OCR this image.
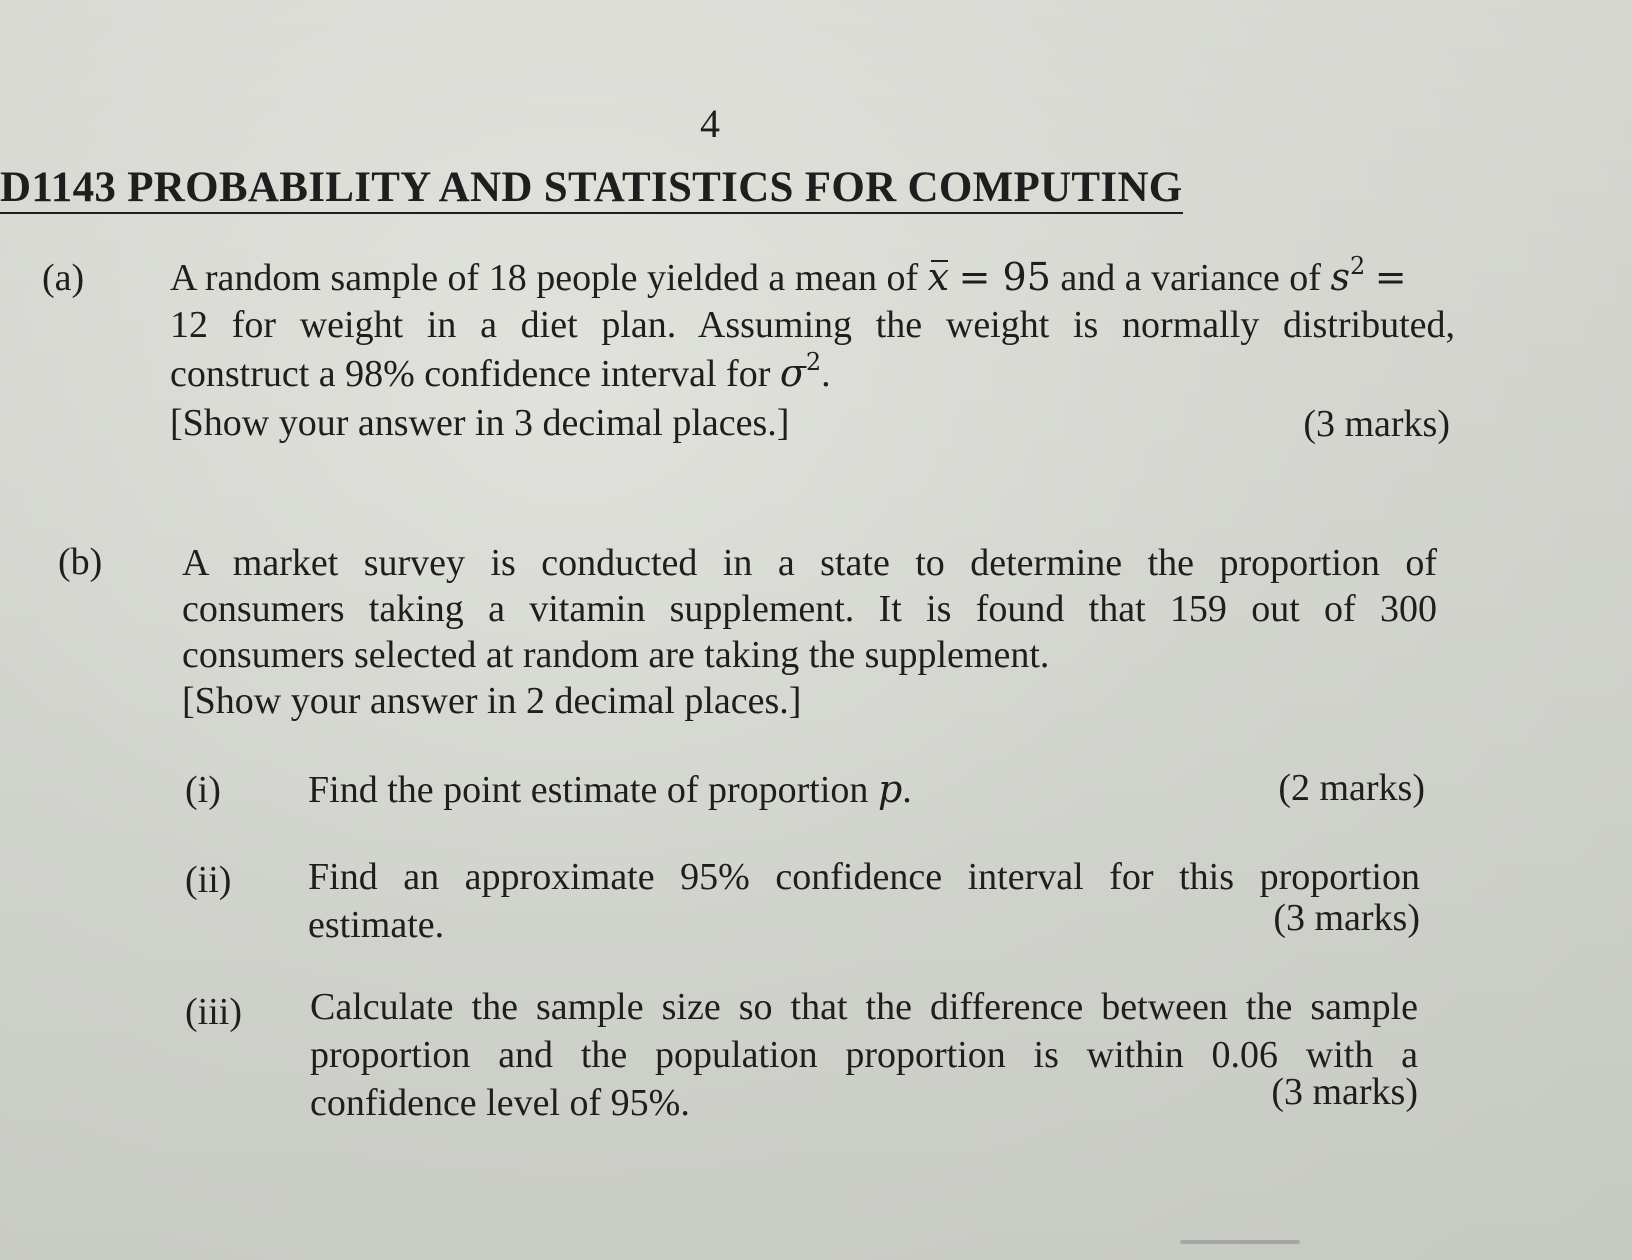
4
D1143 PROBABILITY AND STATISTICS FOR COMPUTING
(a) A random sample of 18 people yielded a mean of x = 95 and a variance of $s^2$ =
12 for weight in a diet plan. Assuming the weight is normally distributed,
construct a 98% confidence interval for $\sigma^2$.
[Show your answer in 3 decimal places.]	(3 marks)
(b) A market survey is conducted in a state to determine the proportion of
consumers taking a vitamin supplement. It is found that 159 out of 300
consumers selected at random are taking the supplement.
[Show your answer in 2 decimal places.]
(i) Find the point estimate of proportion p.	(2 marks)
(ii) Find an approximate 95% confidence interval for this proportion
estimate.	(3 marks)
(iii) Calculate the sample size so that the difference between the sample
proportion and the population proportion is within 0.06 with a
confidence level of 95%.	(3 marks)
